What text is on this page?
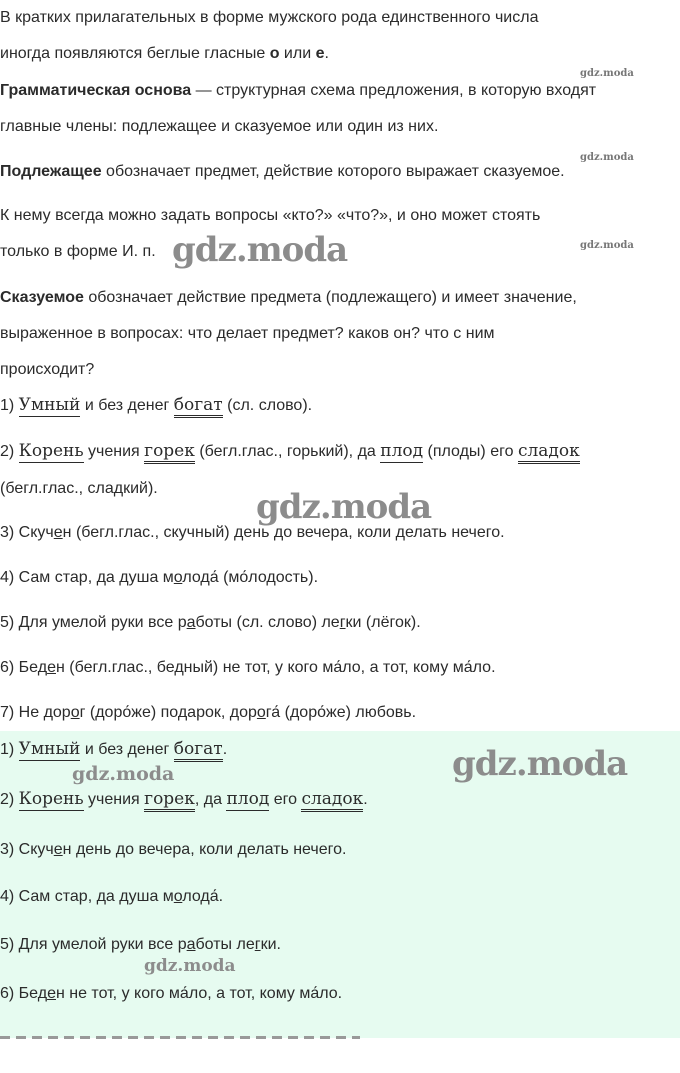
В кратких прилагательных в форме мужского рода единственного числа
иногда появляются беглые гласные о или е.
Грамматическая основа — структурная схема предложения, в которую входят
главные члены: подлежащее и сказуемое или один из них.
Подлежащее обозначает предмет, действие которого выражает сказуемое.
К нему всегда можно задать вопросы «кто?» «что?», и оно может стоять
только в форме И. п.
Сказуемое обозначает действие предмета (подлежащего) и имеет значение,
выраженное в вопросах: что делает предмет? каков он? что с ним
происходит?
1) Умный и без денег богат (сл. слово).
2) Корень учения горек (бегл.глас., горький), да плод (плоды) его сладок
(бегл.глас., сладкий).
3) Скучен (бегл.глас., скучный) день до вечера, коли делать нечего.
4) Сам стар, да душа молода́ (мо́лодость).
5) Для умелой руки все работы (сл. слово) легки (лёгок).
6) Беден (бегл.глас., бедный) не тот, у кого ма́ло, а тот, кому ма́ло.
7) Не дорог (доро́же) подарок, дорога́ (доро́же) любовь.
1) Умный и без денег богат.
2) Корень учения горек, да плод его сладок.
3) Скучен день до вечера, коли делать нечего.
4) Сам стар, да душа молода́.
5) Для умелой руки все работы легки.
6) Беден не тот, у кого ма́ло, а тот, кому ма́ло.
gdz.moda
gdz.moda
gdz.moda
gdz.moda
gdz.moda
gdz.moda
gdz.moda
gdz.moda
